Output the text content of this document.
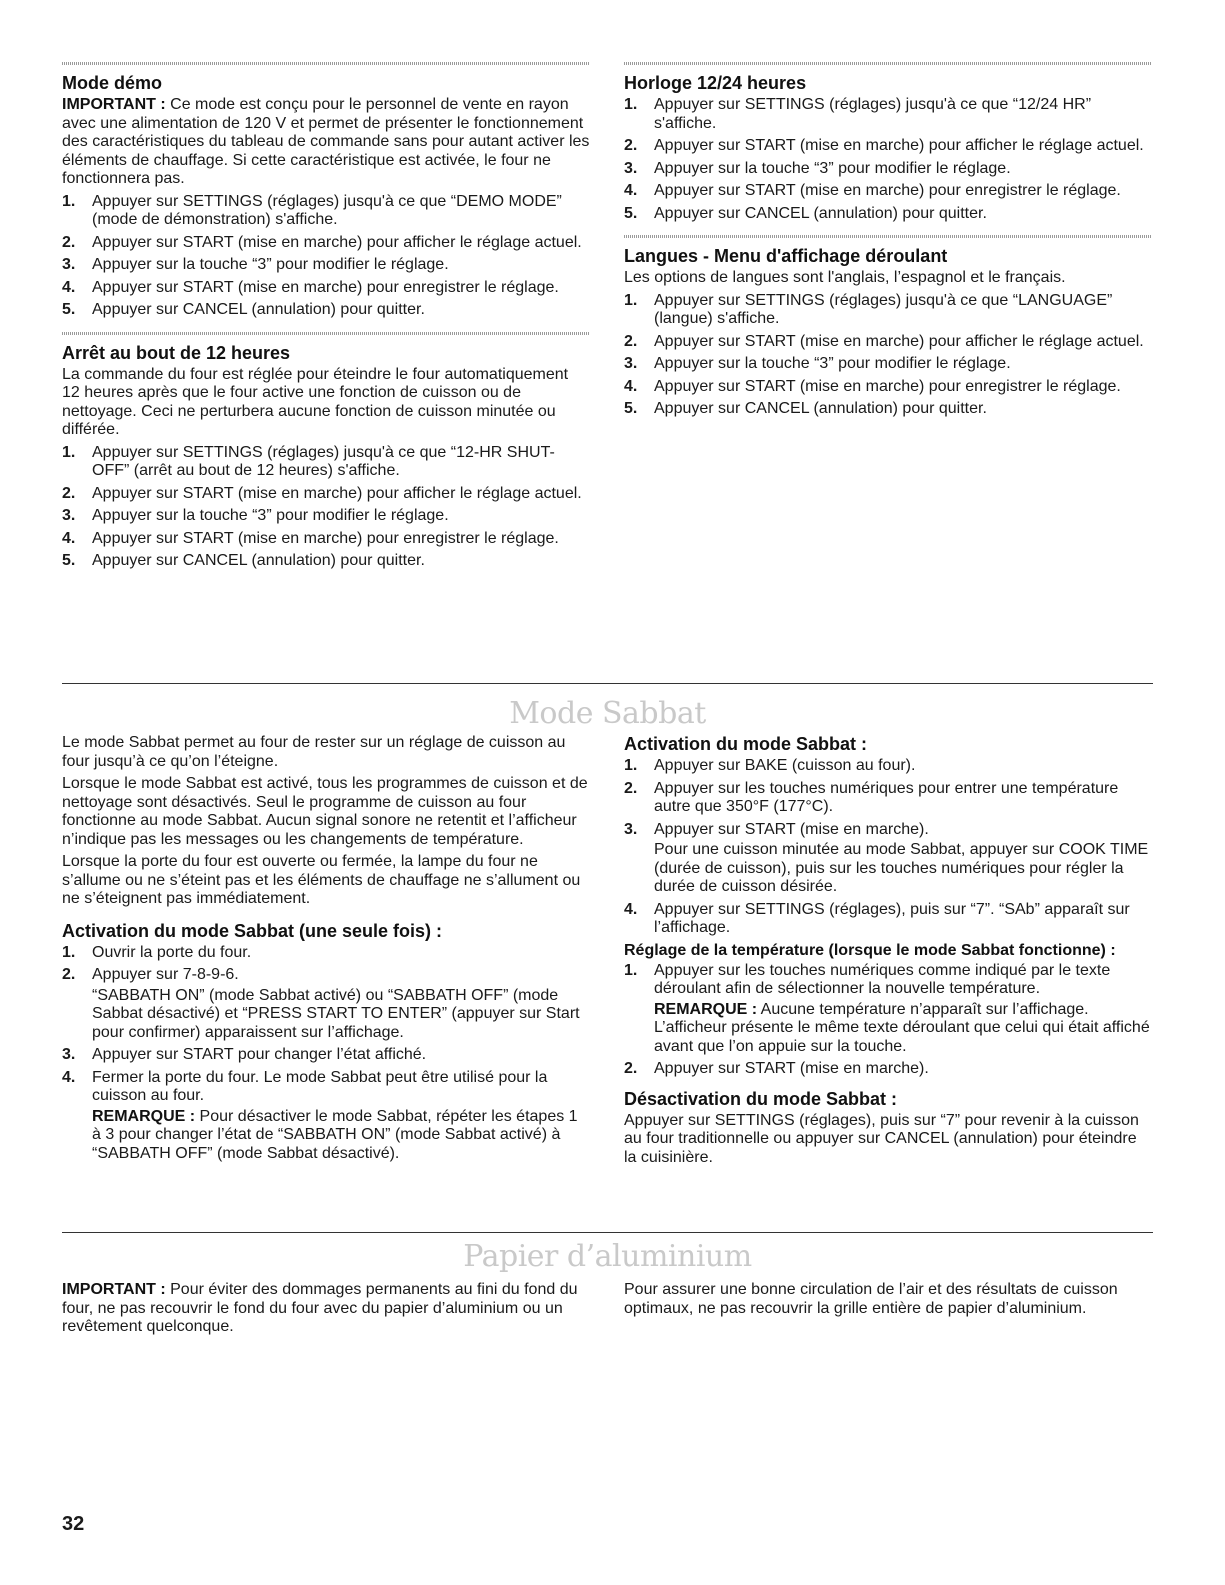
Mode démo

IMPORTANT : Ce mode est conçu pour le personnel de vente en rayon avec une alimentation de 120 V et permet de présenter le fonctionnement des caractéristiques du tableau de commande sans pour autant activer les éléments de chauffage. Si cette caractéristique est activée, le four ne fonctionnera pas.

1. Appuyer sur SETTINGS (réglages) jusqu'à ce que “DEMO MODE” (mode de démonstration) s'affiche.
2. Appuyer sur START (mise en marche) pour afficher le réglage actuel.
3. Appuyer sur la touche “3” pour modifier le réglage.
4. Appuyer sur START (mise en marche) pour enregistrer le réglage.
5. Appuyer sur CANCEL (annulation) pour quitter.
Arrêt au bout de 12 heures

La commande du four est réglée pour éteindre le four automatiquement 12 heures après que le four active une fonction de cuisson ou de nettoyage. Ceci ne perturbera aucune fonction de cuisson minutée ou différée.

1. Appuyer sur SETTINGS (réglages) jusqu'à ce que “12-HR SHUT-OFF” (arrêt au bout de 12 heures) s'affiche.
2. Appuyer sur START (mise en marche) pour afficher le réglage actuel.
3. Appuyer sur la touche “3” pour modifier le réglage.
4. Appuyer sur START (mise en marche) pour enregistrer le réglage.
5. Appuyer sur CANCEL (annulation) pour quitter.
Horloge 12/24 heures
1. Appuyer sur SETTINGS (réglages) jusqu'à ce que “12/24 HR” s'affiche.
2. Appuyer sur START (mise en marche) pour afficher le réglage actuel.
3. Appuyer sur la touche “3” pour modifier le réglage.
4. Appuyer sur START (mise en marche) pour enregistrer le réglage.
5. Appuyer sur CANCEL (annulation) pour quitter.
Langues - Menu d'affichage déroulant

Les options de langues sont l'anglais, l’espagnol et le français.

1. Appuyer sur SETTINGS (réglages) jusqu'à ce que “LANGUAGE” (langue) s'affiche.
2. Appuyer sur START (mise en marche) pour afficher le réglage actuel.
3. Appuyer sur la touche “3” pour modifier le réglage.
4. Appuyer sur START (mise en marche) pour enregistrer le réglage.
5. Appuyer sur CANCEL (annulation) pour quitter.
Mode Sabbat

Le mode Sabbat permet au four de rester sur un réglage de cuisson au four jusqu’à ce qu’on l’éteigne.

Lorsque le mode Sabbat est activé, tous les programmes de cuisson et de nettoyage sont désactivés. Seul le programme de cuisson au four fonctionne au mode Sabbat. Aucun signal sonore ne retentit et l’afficheur n’indique pas les messages ou les changements de température.

Lorsque la porte du four est ouverte ou fermée, la lampe du four ne s’allume ou ne s’éteint pas et les éléments de chauffage ne s’allument ou ne s’éteignent pas immédiatement.

Activation du mode Sabbat (une seule fois) :
1. Ouvrir la porte du four.
2. Appuyer sur 7-8-9-6.
“SABBATH ON” (mode Sabbat activé) ou “SABBATH OFF” (mode Sabbat désactivé) et “PRESS START TO ENTER” (appuyer sur Start pour confirmer) apparaissent sur l’affichage.
3. Appuyer sur START pour changer l’état affiché.
4. Fermer la porte du four. Le mode Sabbat peut être utilisé pour la cuisson au four.
REMARQUE : Pour désactiver le mode Sabbat, répéter les étapes 1 à 3 pour changer l’état de “SABBATH ON” (mode Sabbat activé) à “SABBATH OFF” (mode Sabbat désactivé).
Activation du mode Sabbat :
1. Appuyer sur BAKE (cuisson au four).
2. Appuyer sur les touches numériques pour entrer une température autre que 350°F (177°C).
3. Appuyer sur START (mise en marche).
Pour une cuisson minutée au mode Sabbat, appuyer sur COOK TIME (durée de cuisson), puis sur les touches numériques pour régler la durée de cuisson désirée.
4. Appuyer sur SETTINGS (réglages), puis sur “7”. “SAb” apparaît sur l’affichage.
Réglage de la température (lorsque le mode Sabbat fonctionne) :
1. Appuyer sur les touches numériques comme indiqué par le texte déroulant afin de sélectionner la nouvelle température.
REMARQUE : Aucune température n’apparaît sur l’affichage. L’afficheur présente le même texte déroulant que celui qui était affiché avant que l’on appuie sur la touche.
2. Appuyer sur START (mise en marche).
Désactivation du mode Sabbat :

Appuyer sur SETTINGS (réglages), puis sur “7” pour revenir à la cuisson au four traditionnelle ou appuyer sur CANCEL (annulation) pour éteindre la cuisinière.

Papier d’aluminium

IMPORTANT : Pour éviter des dommages permanents au fini du fond du four, ne pas recouvrir le fond du four avec du papier d’aluminium ou un revêtement quelconque.

Pour assurer une bonne circulation de l’air et des résultats de cuisson optimaux, ne pas recouvrir la grille entière de papier d’aluminium.

32
